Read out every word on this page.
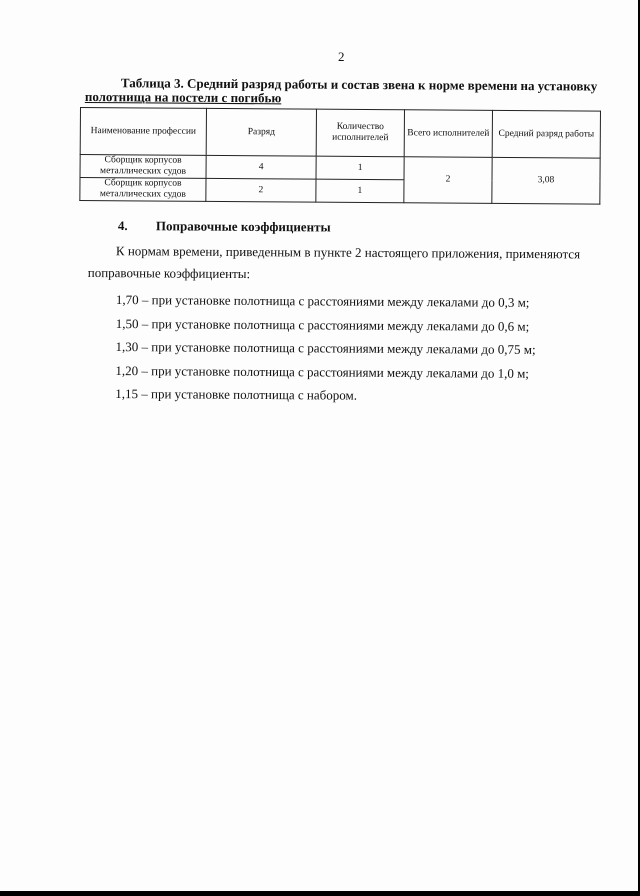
2
Таблица 3. Средний разряд работы и состав звена к норме времени на установку
полотнища на постели с погибью
Наименование профессии	Разряд	Количество исполнителей	Всего исполнителей	Средний разряд работы
Сборщик корпусов металлических судов	4	1	2	3,08
Сборщик корпусов металлических судов	2	1		
4. Поправочные коэффициенты
К нормам времени, приведенным в пункте 2 настоящего приложения, применяются
поправочные коэффициенты:
1,70 – при установке полотнища с расстояниями между лекалами до 0,3 м;
1,50 – при установке полотнища с расстояниями между лекалами до 0,6 м;
1,30 – при установке полотнища с расстояниями между лекалами до 0,75 м;
1,20 – при установке полотнища с расстояниями между лекалами до 1,0 м;
1,15 – при установке полотнища с набором.
